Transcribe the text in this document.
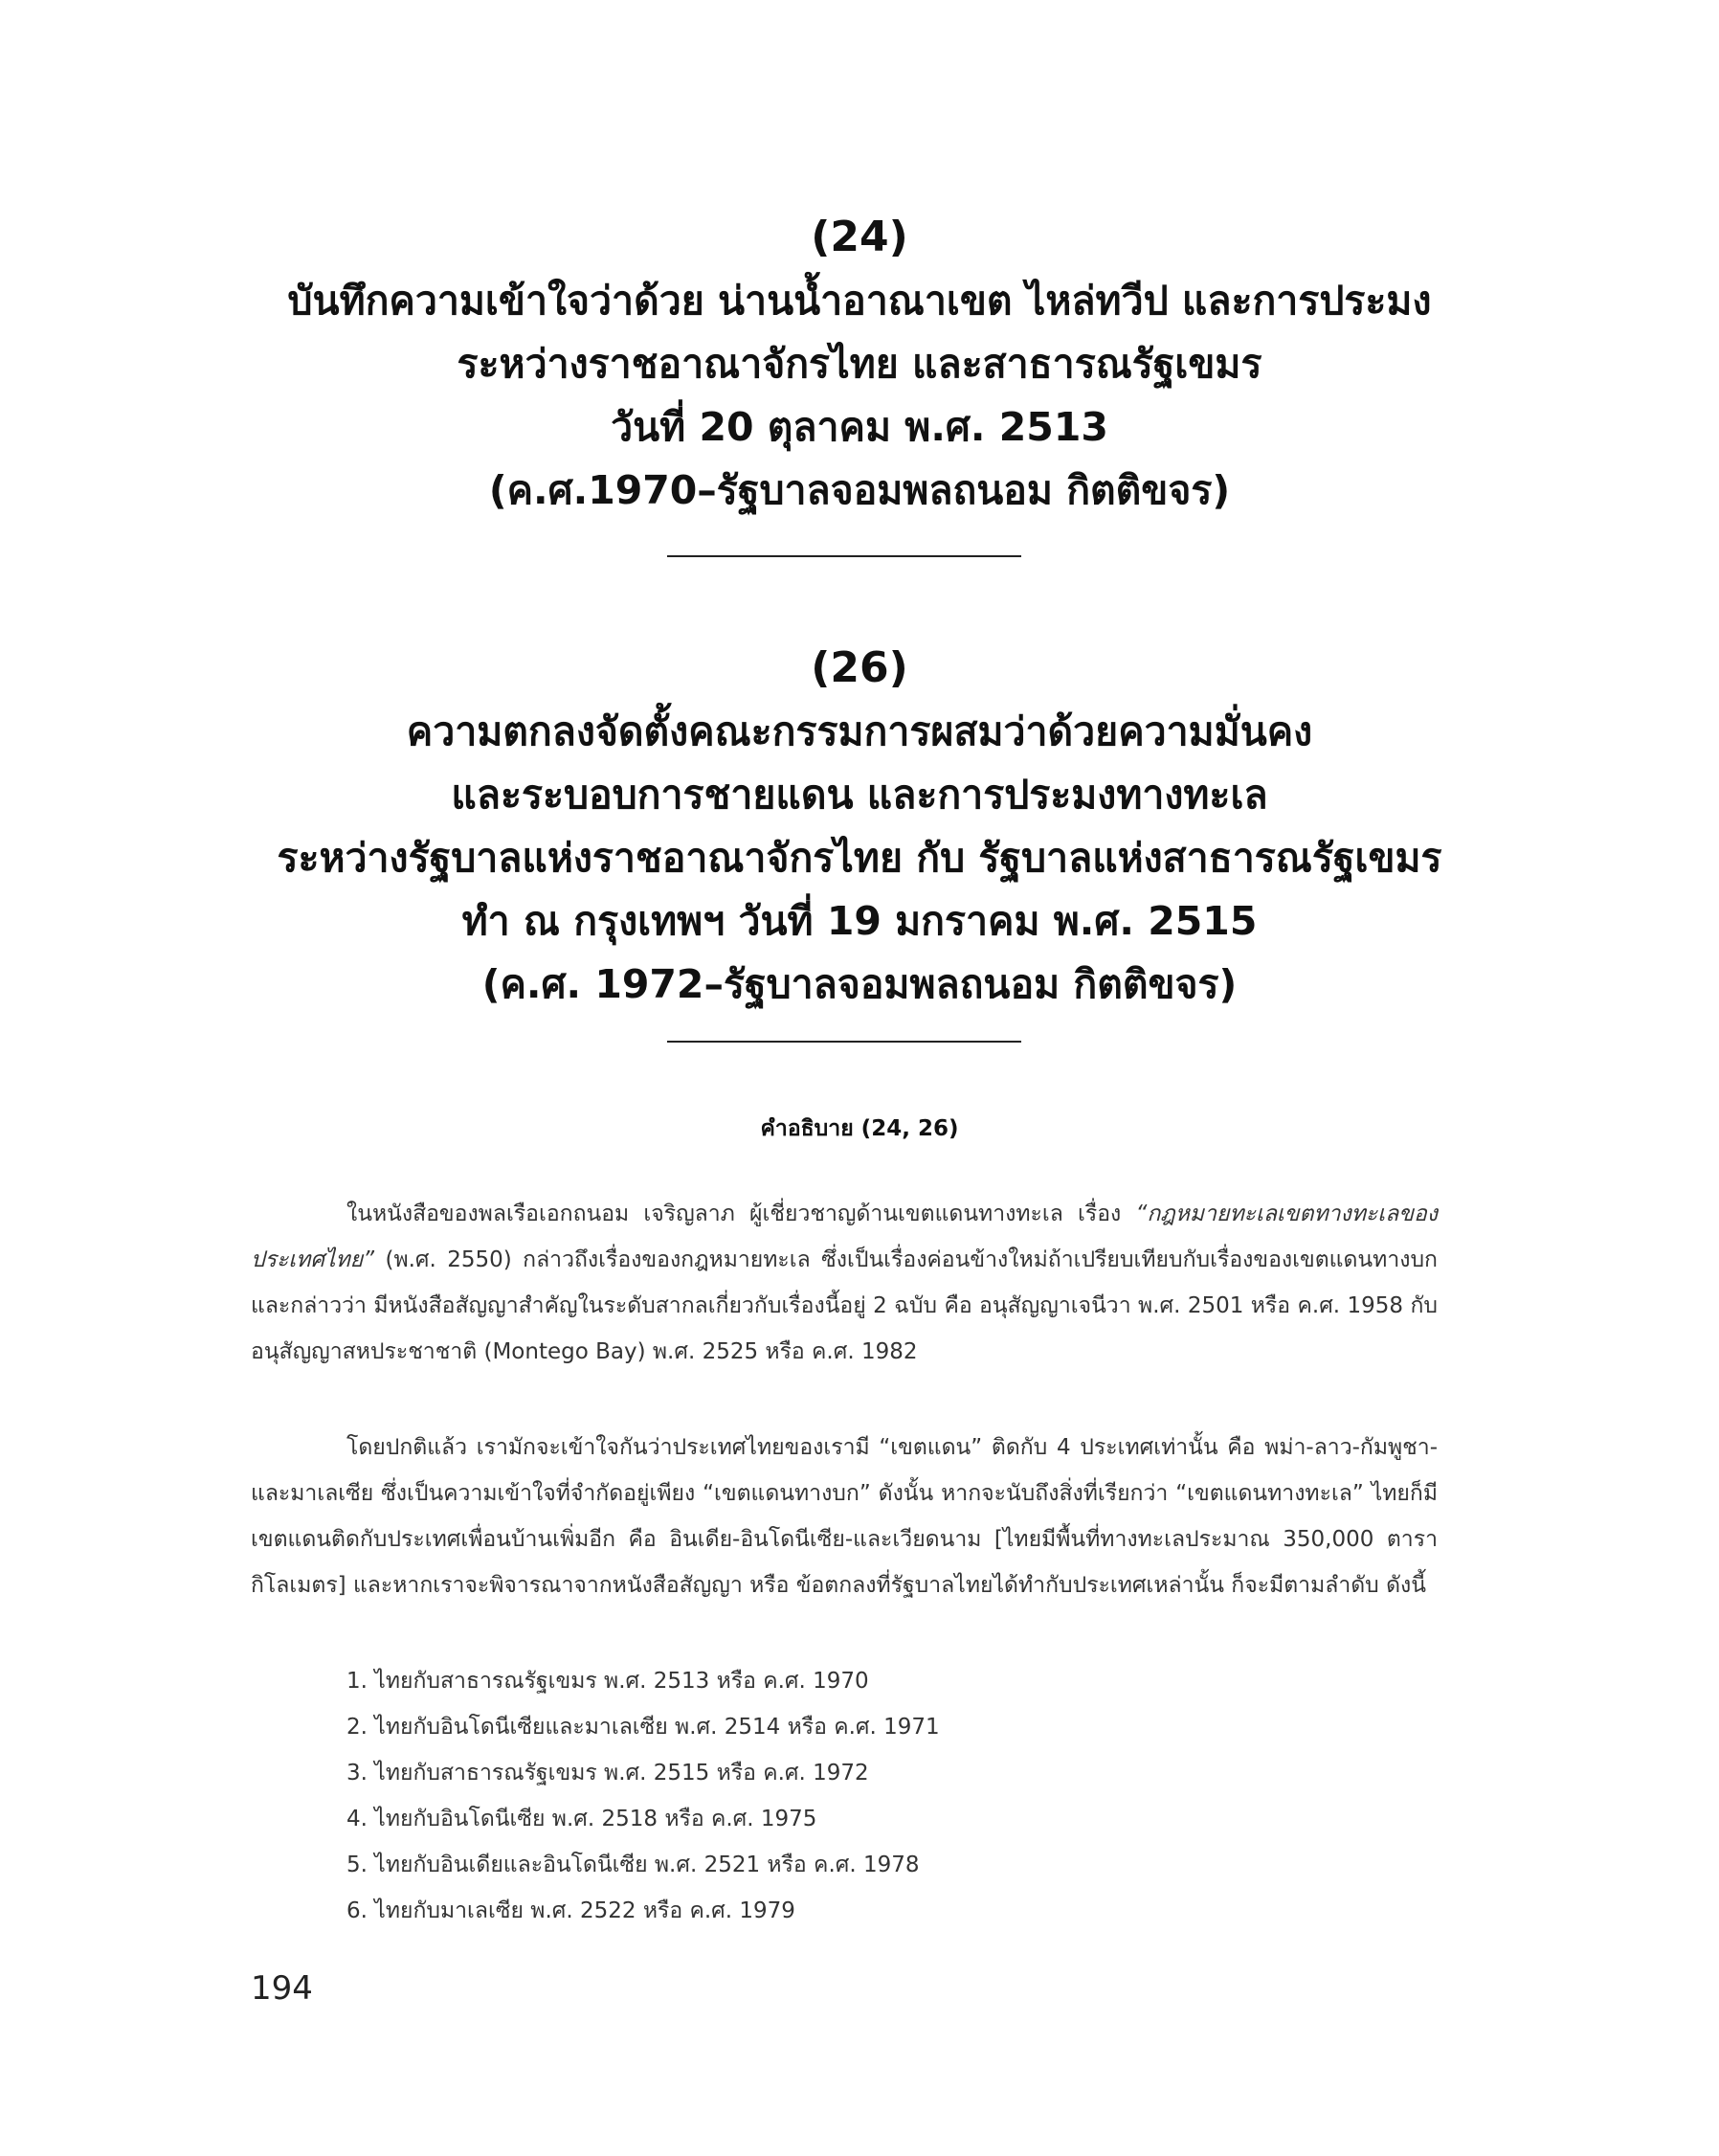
(24)

บันทึกความเข้าใจว่าด้วย น่านน้ำอาณาเขต ไหล่ทวีป และการประมง

ระหว่างราชอาณาจักรไทย และสาธารณรัฐเขมร

วันที่ 20 ตุลาคม พ.ศ. 2513

(ค.ศ.1970–รัฐบาลจอมพลถนอม กิตติขจร)

(26)

ความตกลงจัดตั้งคณะกรรมการผสมว่าด้วยความมั่นคง

และระบอบการชายแดน และการประมงทางทะเล

ระหว่างรัฐบาลแห่งราชอาณาจักรไทย กับ รัฐบาลแห่งสาธารณรัฐเขมร

ทำ ณ กรุงเทพฯ วันที่ 19 มกราคม พ.ศ. 2515

(ค.ศ. 1972–รัฐบาลจอมพลถนอม กิตติขจร)

คำอธิบาย (24, 26)

ในหนังสือของพลเรือเอกถนอม เจริญลาภ ผู้เชี่ยวชาญด้านเขตแดนทางทะเล เรื่อง “กฎหมายทะเลเขตทางทะเลของประเทศไทย” (พ.ศ. 2550) กล่าวถึงเรื่องของกฎหมายทะเล ซึ่งเป็นเรื่องค่อนข้างใหม่ถ้าเปรียบเทียบกับเรื่องของเขตแดนทางบก และกล่าวว่า มีหนังสือสัญญาสำคัญในระดับสากลเกี่ยวกับเรื่องนี้อยู่ 2 ฉบับ คือ อนุสัญญาเจนีวา พ.ศ. 2501 หรือ ค.ศ. 1958 กับอนุสัญญาสหประชาชาติ (Montego Bay) พ.ศ. 2525 หรือ ค.ศ. 1982

โดยปกติแล้ว เรามักจะเข้าใจกันว่าประเทศไทยของเรามี “เขตแดน” ติดกับ 4 ประเทศเท่านั้น คือ พม่า-ลาว-กัมพูชา-และมาเลเซีย ซึ่งเป็นความเข้าใจที่จำกัดอยู่เพียง “เขตแดนทางบก” ดังนั้น หากจะนับถึงสิ่งที่เรียกว่า “เขตแดนทางทะเล” ไทยก็มีเขตแดนติดกับประเทศเพื่อนบ้านเพิ่มอีก คือ อินเดีย-อินโดนีเซีย-และเวียดนาม [ไทยมีพื้นที่ทางทะเลประมาณ 350,000 ตารากิโลเมตร] และหากเราจะพิจารณาจากหนังสือสัญญา หรือ ข้อตกลงที่รัฐบาลไทยได้ทำกับประเทศเหล่านั้น ก็จะมีตามลำดับ ดังนี้

1. ไทยกับสาธารณรัฐเขมร พ.ศ. 2513 หรือ ค.ศ. 1970
2. ไทยกับอินโดนีเซียและมาเลเซีย พ.ศ. 2514 หรือ ค.ศ. 1971
3. ไทยกับสาธารณรัฐเขมร พ.ศ. 2515 หรือ ค.ศ. 1972
4. ไทยกับอินโดนีเซีย พ.ศ. 2518 หรือ ค.ศ. 1975
5. ไทยกับอินเดียและอินโดนีเซีย พ.ศ. 2521 หรือ ค.ศ. 1978
6. ไทยกับมาเลเซีย พ.ศ. 2522 หรือ ค.ศ. 1979
194
